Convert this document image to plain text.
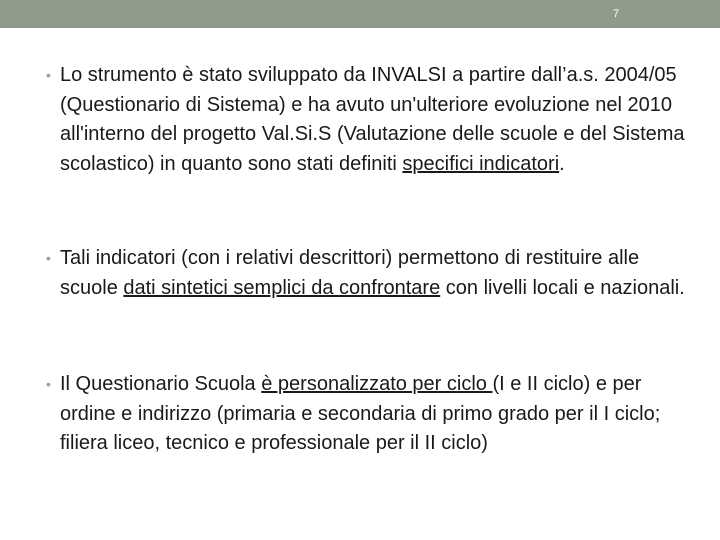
7
• Lo strumento è stato sviluppato da INVALSI a partire dall’a.s. 2004/05 (Questionario di Sistema) e ha avuto un'ulteriore evoluzione nel 2010 all'interno del progetto Val.Si.S (Valutazione delle scuole e del Sistema scolastico) in quanto sono stati definiti specifici indicatori.
• Tali indicatori (con i relativi descrittori) permettono di restituire alle scuole dati sintetici semplici da confrontare con livelli locali e nazionali.
• Il Questionario Scuola è personalizzato per ciclo (I e II ciclo) e per ordine e indirizzo (primaria e secondaria di primo grado per il I ciclo; filiera liceo, tecnico e professionale per il II ciclo)
